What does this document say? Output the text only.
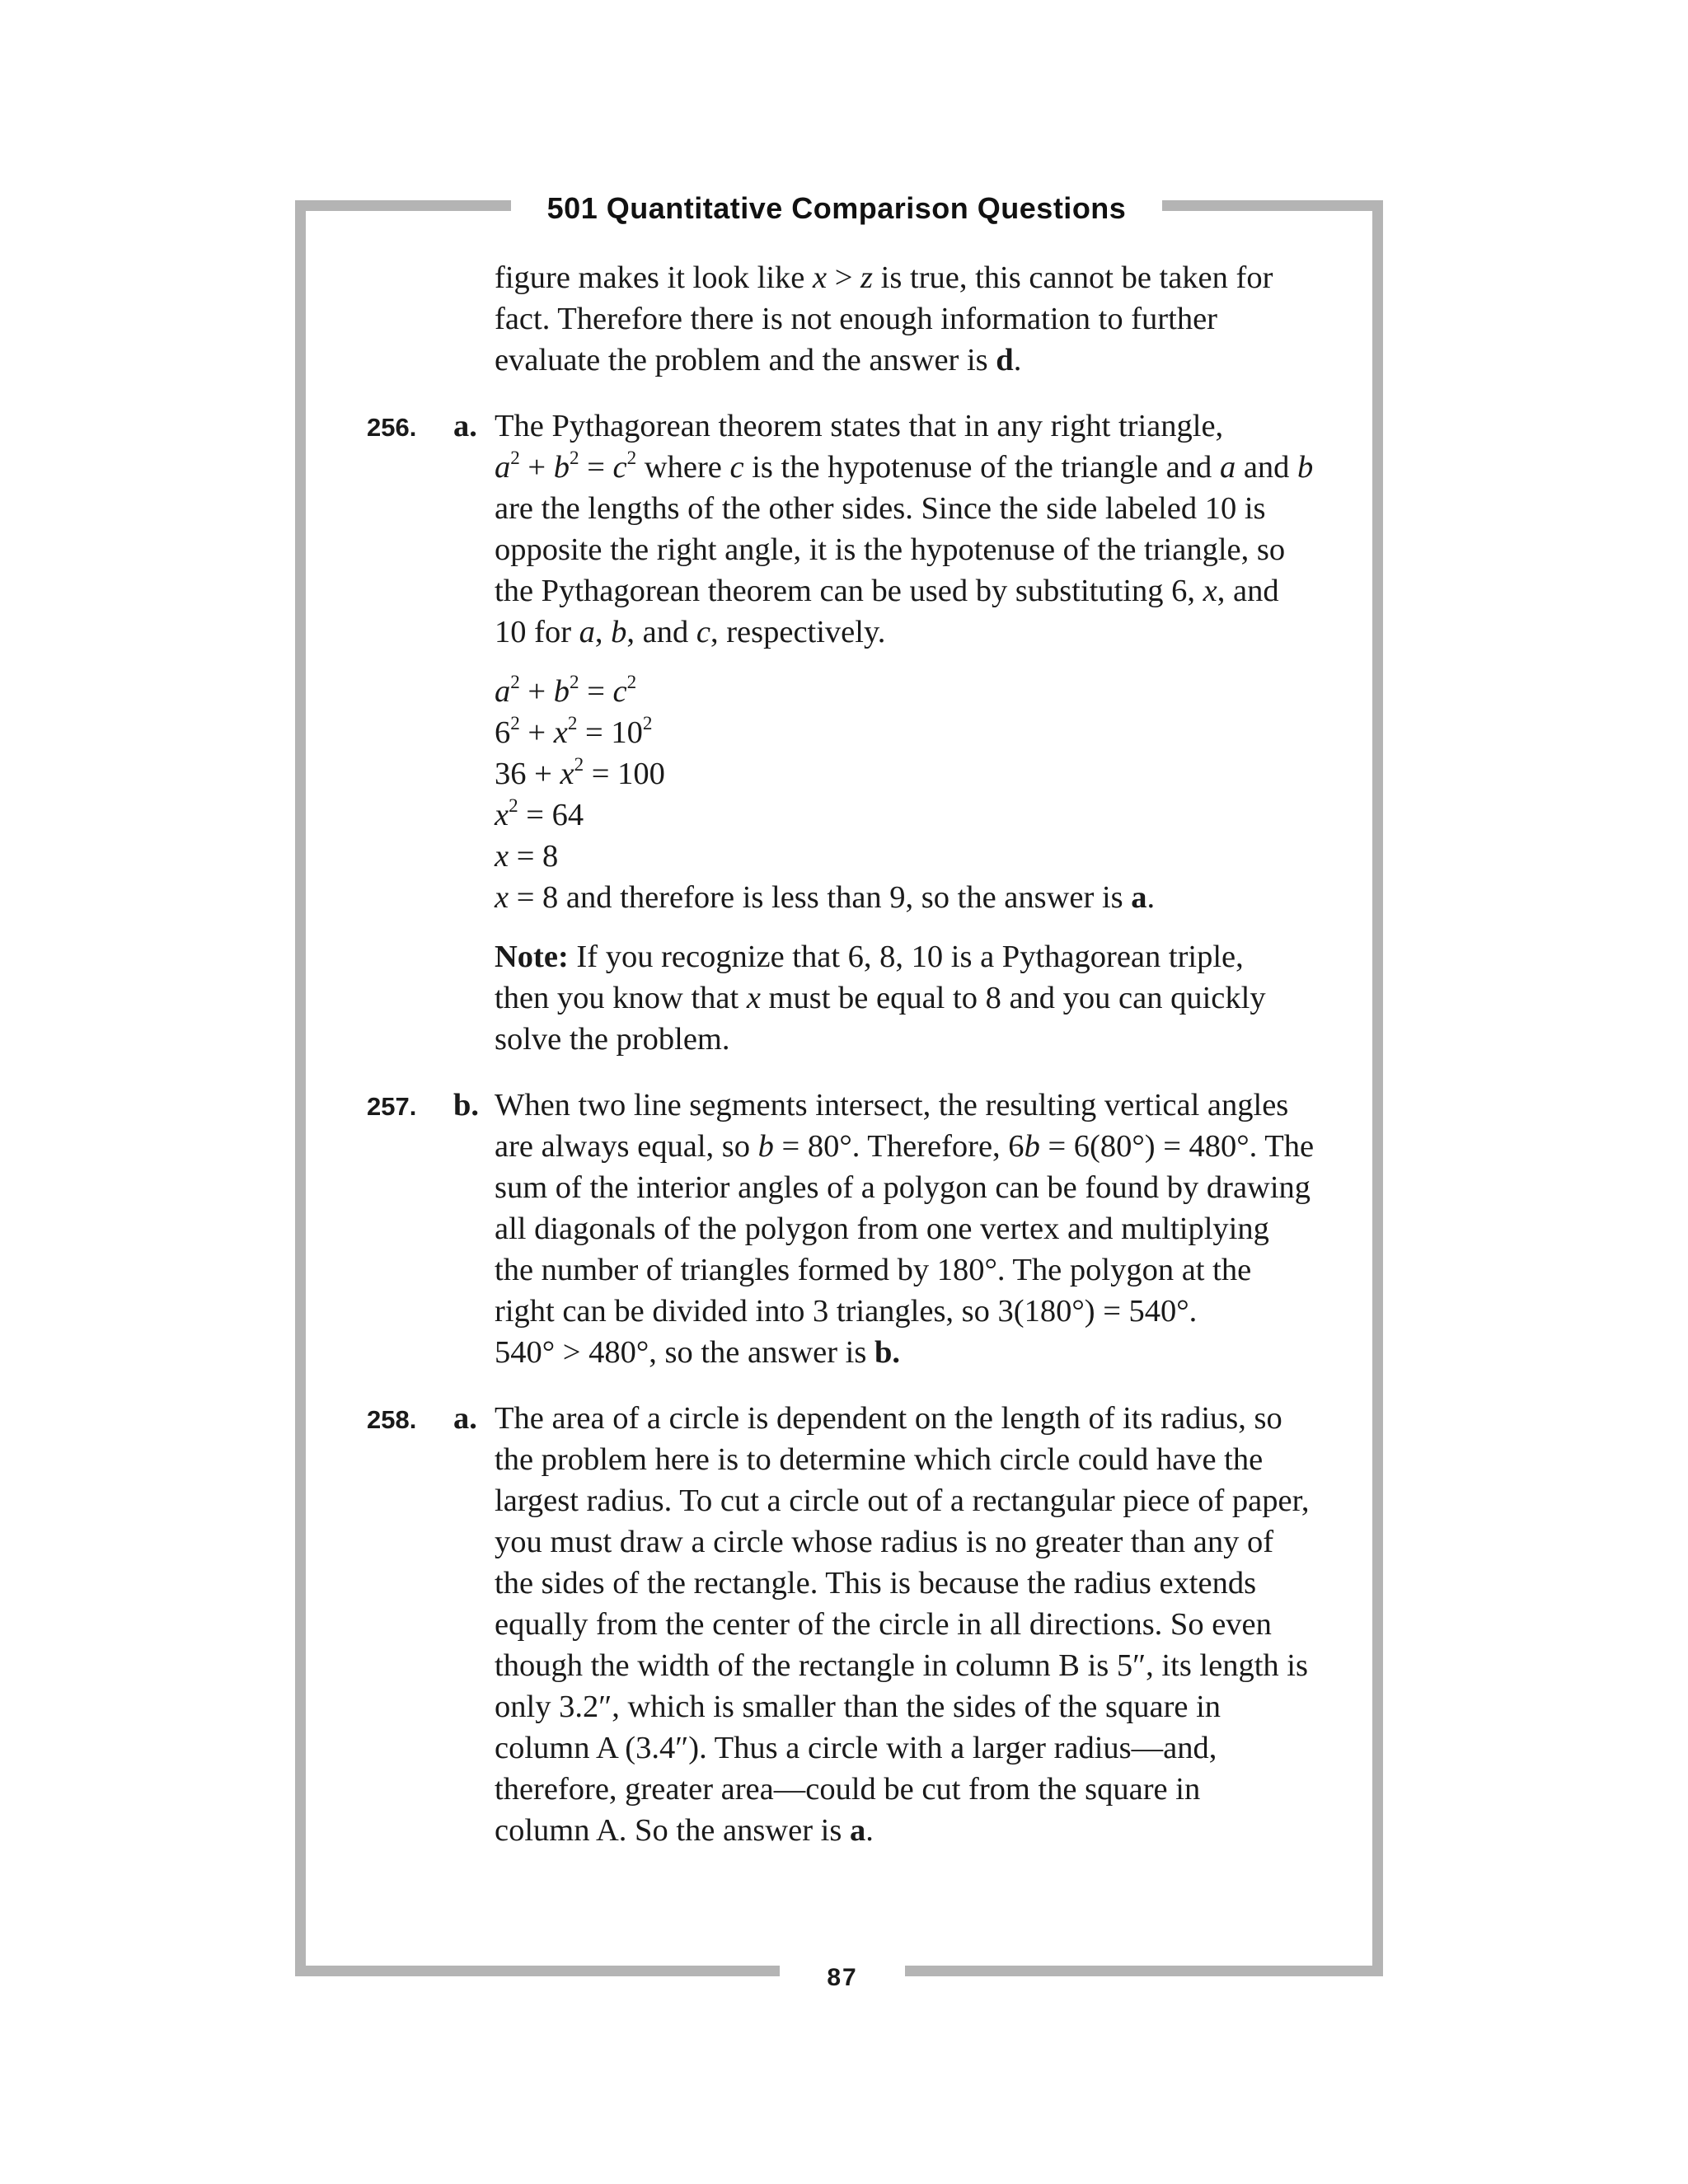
501 Quantitative Comparison Questions
87
figure makes it look like x > z is true, this cannot be taken for
fact. Therefore there is not enough information to further
evaluate the problem and the answer is d.
256. a. The Pythagorean theorem states that in any right triangle,
$a^2 + b^2 = c^2$ where c is the hypotenuse of the triangle and a and b
are the lengths of the other sides. Since the side labeled 10 is
opposite the right angle, it is the hypotenuse of the triangle, so
the Pythagorean theorem can be used by substituting 6, x, and
10 for a, b, and c, respectively.
$a^2 + b^2 = c^2$
$6^2 + x^2 = 10^2$
$36 + x^2 = 100$
$x^2 = 64$
x = 8
x = 8 and therefore is less than 9, so the answer is a.
Note: If you recognize that 6, 8, 10 is a Pythagorean triple,
then you know that x must be equal to 8 and you can quickly
solve the problem.
257. b. When two line segments intersect, the resulting vertical angles
are always equal, so b = 80°. Therefore, 6b = 6(80°) = 480°. The
sum of the interior angles of a polygon can be found by drawing
all diagonals of the polygon from one vertex and multiplying
the number of triangles formed by 180°. The polygon at the
right can be divided into 3 triangles, so 3(180°) = 540°.
540° > 480°, so the answer is b.
258. a. The area of a circle is dependent on the length of its radius, so
the problem here is to determine which circle could have the
largest radius. To cut a circle out of a rectangular piece of paper,
you must draw a circle whose radius is no greater than any of
the sides of the rectangle. This is because the radius extends
equally from the center of the circle in all directions. So even
though the width of the rectangle in column B is 5″, its length is
only 3.2″, which is smaller than the sides of the square in
column A (3.4″). Thus a circle with a larger radius—and,
therefore, greater area—could be cut from the square in
column A. So the answer is a.
